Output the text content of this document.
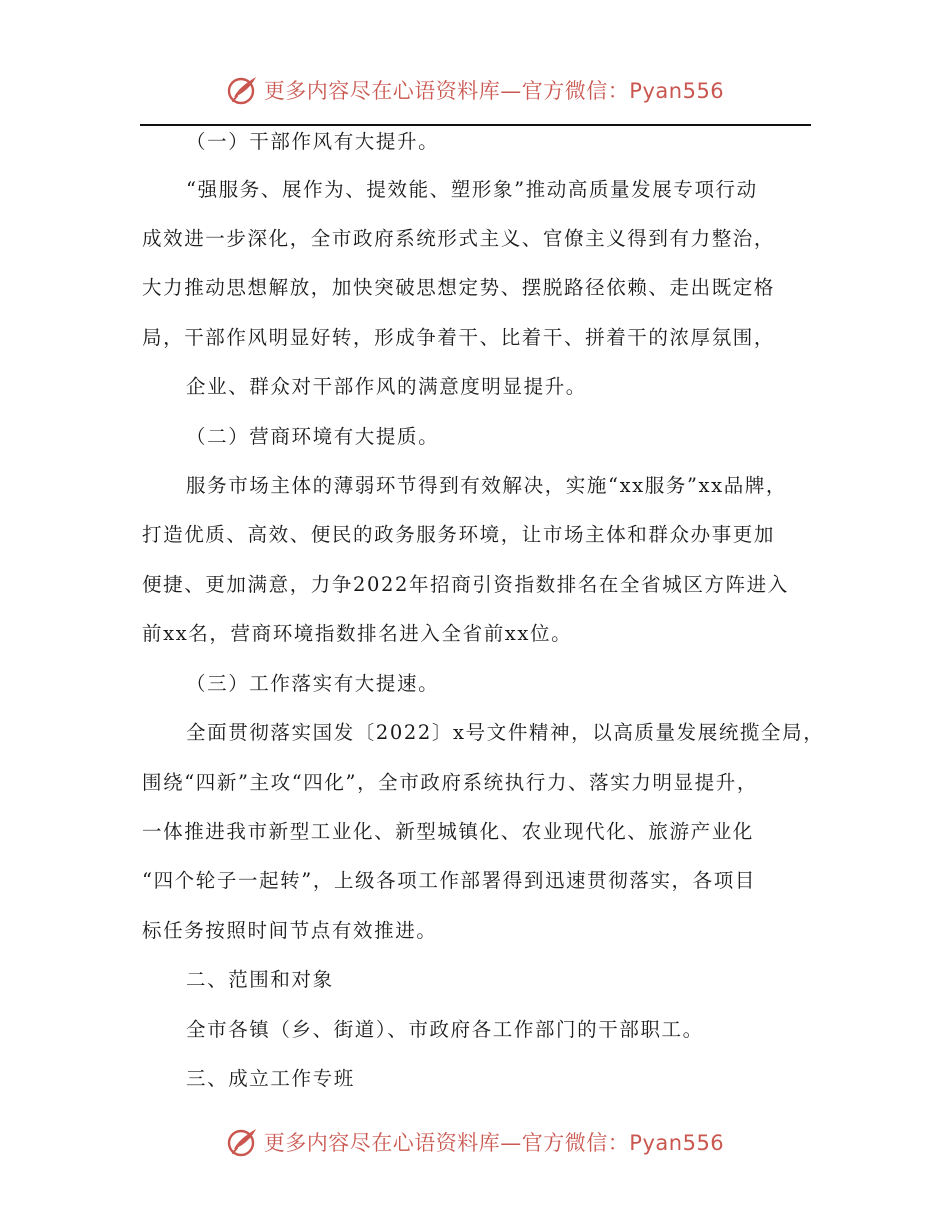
更多内容尽在心语资料库—官方微信：Pyan556
（一）干部作风有大提升。
“强服务、展作为、提效能、塑形象”推动高质量发展专项行动
成效进一步深化，全市政府系统形式主义、官僚主义得到有力整治，
大力推动思想解放，加快突破思想定势、摆脱路径依赖、走出既定格
局，干部作风明显好转，形成争着干、比着干、拼着干的浓厚氛围，
企业、群众对干部作风的满意度明显提升。
（二）营商环境有大提质。
服务市场主体的薄弱环节得到有效解决，实施“xx服务”xx品牌，
打造优质、高效、便民的政务服务环境，让市场主体和群众办事更加
便捷、更加满意，力争2022年招商引资指数排名在全省城区方阵进入
前xx名，营商环境指数排名进入全省前xx位。
（三）工作落实有大提速。
全面贯彻落实国发〔2022〕x号文件精神，以高质量发展统揽全局，
围绕“四新”主攻“四化”，全市政府系统执行力、落实力明显提升，
一体推进我市新型工业化、新型城镇化、农业现代化、旅游产业化
“四个轮子一起转”，上级各项工作部署得到迅速贯彻落实，各项目
标任务按照时间节点有效推进。
二、范围和对象
全市各镇（乡、街道）、市政府各工作部门的干部职工。
三、成立工作专班
更多内容尽在心语资料库—官方微信：Pyan556
